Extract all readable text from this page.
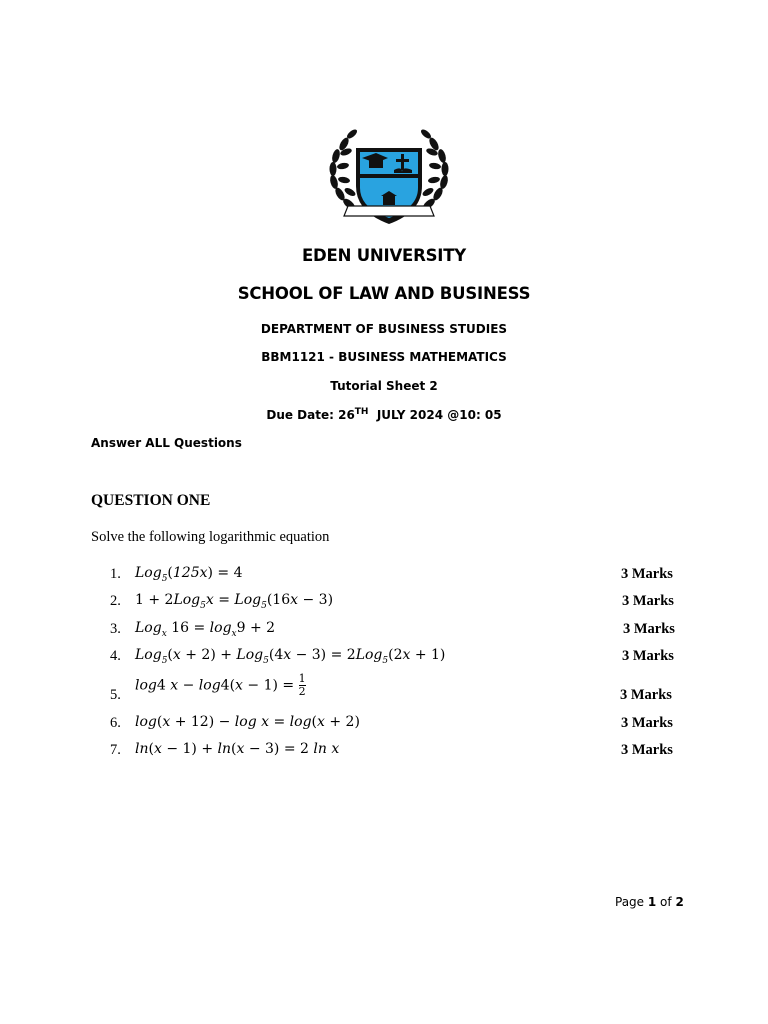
EDEN UNIVERSITY
SCHOOL OF LAW AND BUSINESS
DEPARTMENT OF BUSINESS STUDIES
BBM1121 - BUSINESS MATHEMATICS
Tutorial Sheet 2
Due Date: 26TH  JULY 2024 @10: 05
Answer ALL Questions
QUESTION ONE
Solve the following logarithmic equation
1. Log$_5$(125x) = 4	3 Marks
2. 1 + 2Log$_5$x = Log$_5$(16x − 3)	3 Marks
3. Log$_x$ $16 = \log_x9 + 2$	3 Marks
4. Log$_5$(x + 2) + Log$_5$(4x − 3) = 2Log$_5$(2x + 1)	3 Marks
5.
log4 $x - \log 4(x - 1) = \frac{1}{2}$	3 Marks
6. log(x + 12) − log x = log(x + 2)	3 Marks
7. ln(x − 1) + ln(x − 3) = 2 ln x	3 Marks
Page 1 of 2
